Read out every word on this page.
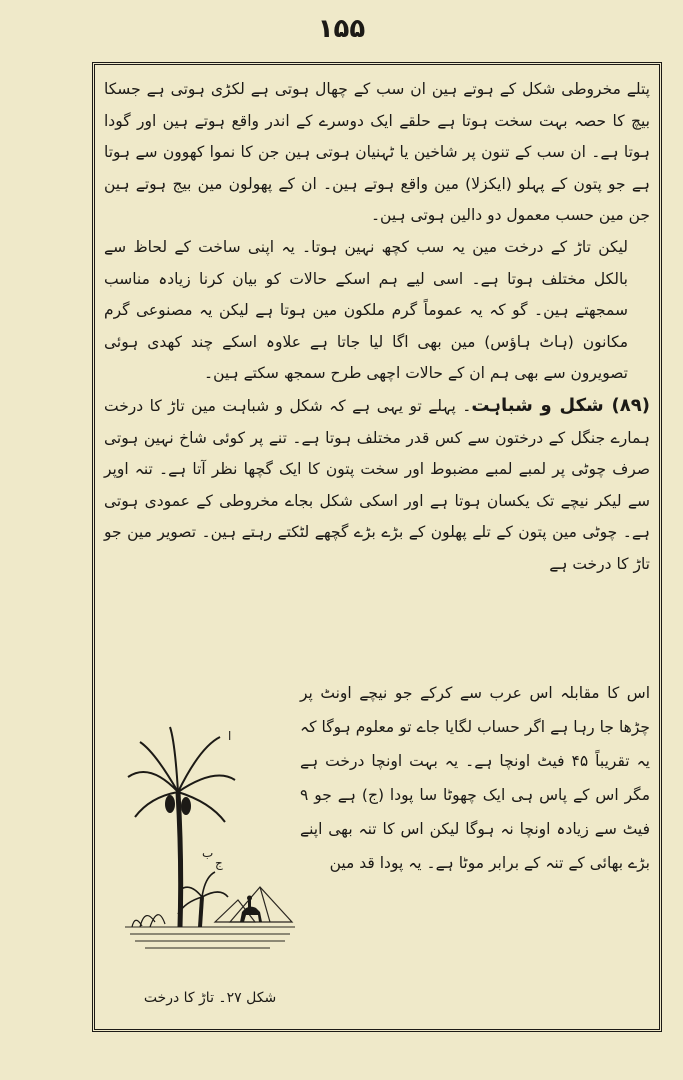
۱۵۵

پتلے مخروطی شکل کے ہوتے ہین ان سب کے چھال ہوتی ہے لکڑی ہوتی ہے جسکا بیچ کا حصہ بہت سخت ہوتا ہے حلقے ایک دوسرے کے اندر واقع ہوتے ہین اور گودا ہوتا ہے۔ ان سب کے تنون پر شاخین یا ٹہنیان ہوتی ہین جن کا نموا کھوون سے ہوتا ہے جو پتون کے پہلو (ایکزلا) مین واقع ہوتے ہین۔ ان کے پھولون مین بیج ہوتے ہین جن مین حسب معمول دو دالین ہوتی ہین۔

لیکن تاڑ کے درخت مین یہ سب کچھ نہین ہوتا۔ یہ اپنی ساخت کے لحاظ سے بالکل مختلف ہوتا ہے۔ اسی لیے ہم اسکے حالات کو بیان کرنا زیادہ مناسب سمجھتے ہین۔ گو کہ یہ عموماً گرم ملکون مین ہوتا ہے لیکن یہ مصنوعی گرم مکانون (ہاٹ ہاؤس) مین بھی اگا لیا جاتا ہے علاوہ اسکے چند کھدی ہوئی تصویرون سے بھی ہم ان کے حالات اچھی طرح سمجھ سکتے ہین۔

(۸۹) شکل و شباہت۔ پہلے تو یہی ہے کہ شکل و شباہت مین تاڑ کا درخت ہمارے جنگل کے درختون سے کس قدر مختلف ہوتا ہے۔ تنے پر کوئی شاخ نہین ہوتی صرف چوٹی پر لمبے لمبے مضبوط اور سخت پتون کا ایک گچھا نظر آتا ہے۔ تنہ اوپر سے لیکر نیچے تک یکسان ہوتا ہے اور اسکی شکل بجاے مخروطی کے عمودی ہوتی ہے۔ چوٹی مین پتون کے تلے پھلون کے بڑے بڑے گچھے لٹکتے رہتے ہین۔ تصویر مین جو تاڑ کا درخت ہے

اس کا مقابلہ اس عرب سے کرکے جو نیچے اونٹ پر چڑھا جا رہا ہے اگر حساب لگایا جاے تو معلوم ہوگا کہ یہ تقریباً ۴۵ فیٹ اونچا ہے۔ یہ بہت اونچا درخت ہے مگر اس کے پاس ہی ایک چھوٹا سا پودا (ج) ہے جو ۹ فیٹ سے زیادہ اونچا نہ ہوگا لیکن اس کا تنہ بھی اپنے بڑے بھائی کے تنہ کے برابر موٹا ہے۔ یہ پودا قد مین

ا
ب
ج
شکل ۲۷۔ تاڑ کا درخت
